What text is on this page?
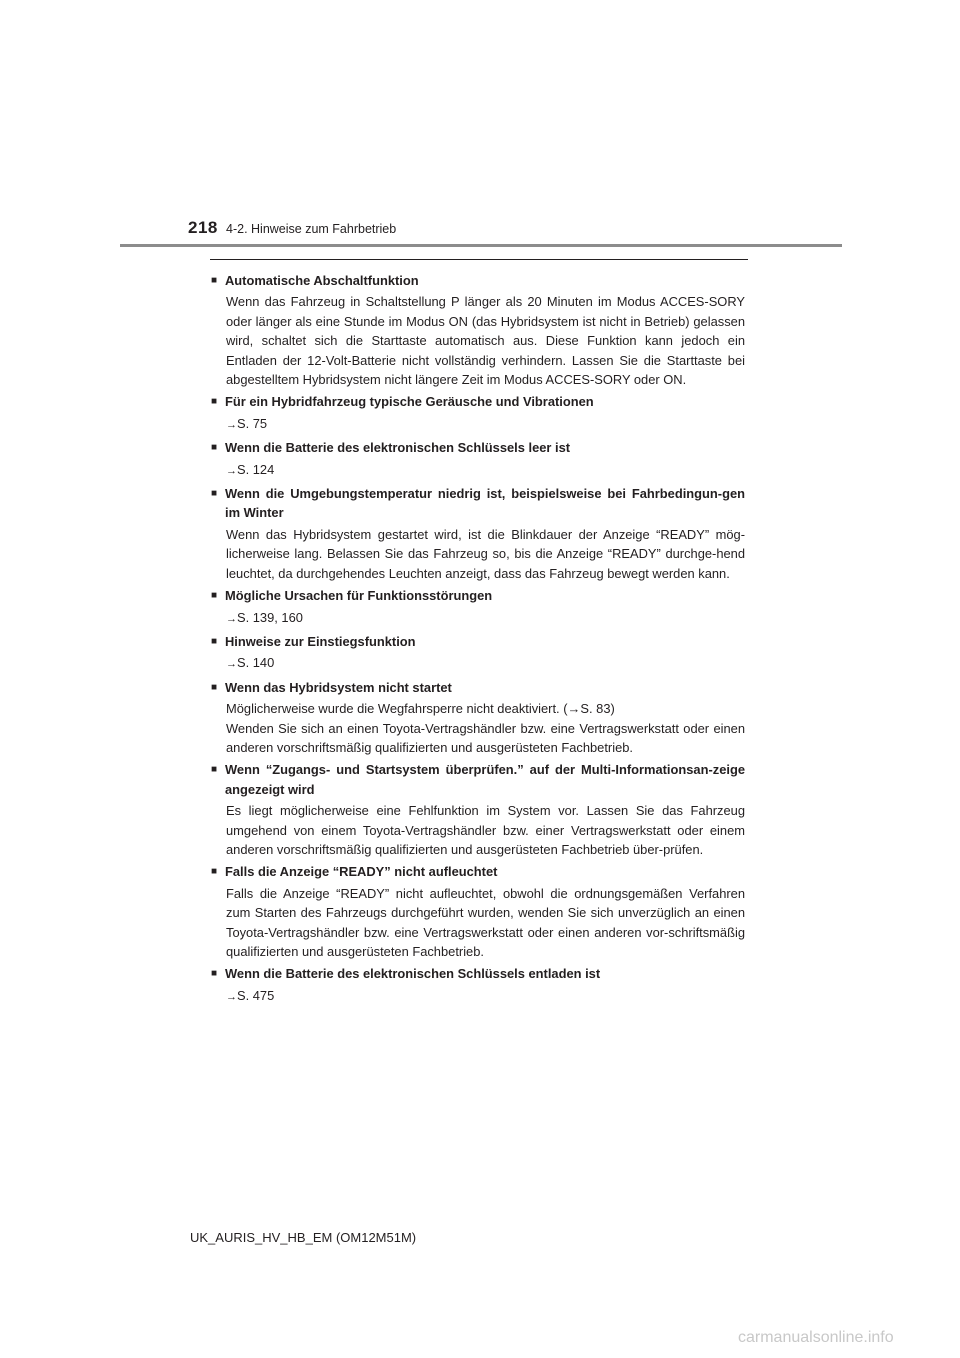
218 4-2. Hinweise zum Fahrbetrieb
■ Automatische Abschaltfunktion

Wenn das Fahrzeug in Schaltstellung P länger als 20 Minuten im Modus ACCES-SORY oder länger als eine Stunde im Modus ON (das Hybridsystem ist nicht in Betrieb) gelassen wird, schaltet sich die Starttaste automatisch aus. Diese Funktion kann jedoch ein Entladen der 12-Volt-Batterie nicht vollständig verhindern. Lassen Sie die Starttaste bei abgestelltem Hybridsystem nicht längere Zeit im Modus ACCES-SORY oder ON.

■ Für ein Hybridfahrzeug typische Geräusche und Vibrationen
→S. 75
■ Wenn die Batterie des elektronischen Schlüssels leer ist
→S. 124
■ Wenn die Umgebungstemperatur niedrig ist, beispielsweise bei Fahrbedingun-gen im Winter

Wenn das Hybridsystem gestartet wird, ist die Blinkdauer der Anzeige “READY” mög-licherweise lang. Belassen Sie das Fahrzeug so, bis die Anzeige “READY” durchge-hend leuchtet, da durchgehendes Leuchten anzeigt, dass das Fahrzeug bewegt werden kann.

■ Mögliche Ursachen für Funktionsstörungen
→S. 139, 160
■ Hinweise zur Einstiegsfunktion
→S. 140
■ Wenn das Hybridsystem nicht startet

Möglicherweise wurde die Wegfahrsperre nicht deaktiviert. (→S. 83)

Wenden Sie sich an einen Toyota-Vertragshändler bzw. eine Vertragswerkstatt oder einen anderen vorschriftsmäßig qualifizierten und ausgerüsteten Fachbetrieb.

■ Wenn “Zugangs- und Startsystem überprüfen.” auf der Multi-Informationsan-zeige angezeigt wird

Es liegt möglicherweise eine Fehlfunktion im System vor. Lassen Sie das Fahrzeug umgehend von einem Toyota-Vertragshändler bzw. einer Vertragswerkstatt oder einem anderen vorschriftsmäßig qualifizierten und ausgerüsteten Fachbetrieb über-prüfen.

■ Falls die Anzeige “READY” nicht aufleuchtet

Falls die Anzeige “READY” nicht aufleuchtet, obwohl die ordnungsgemäßen Verfahren zum Starten des Fahrzeugs durchgeführt wurden, wenden Sie sich unverzüglich an einen Toyota-Vertragshändler bzw. eine Vertragswerkstatt oder einen anderen vor-schriftsmäßig qualifizierten und ausgerüsteten Fachbetrieb.

■ Wenn die Batterie des elektronischen Schlüssels entladen ist
→S. 475
UK_AURIS_HV_HB_EM (OM12M51M)
carmanualsonline.info
